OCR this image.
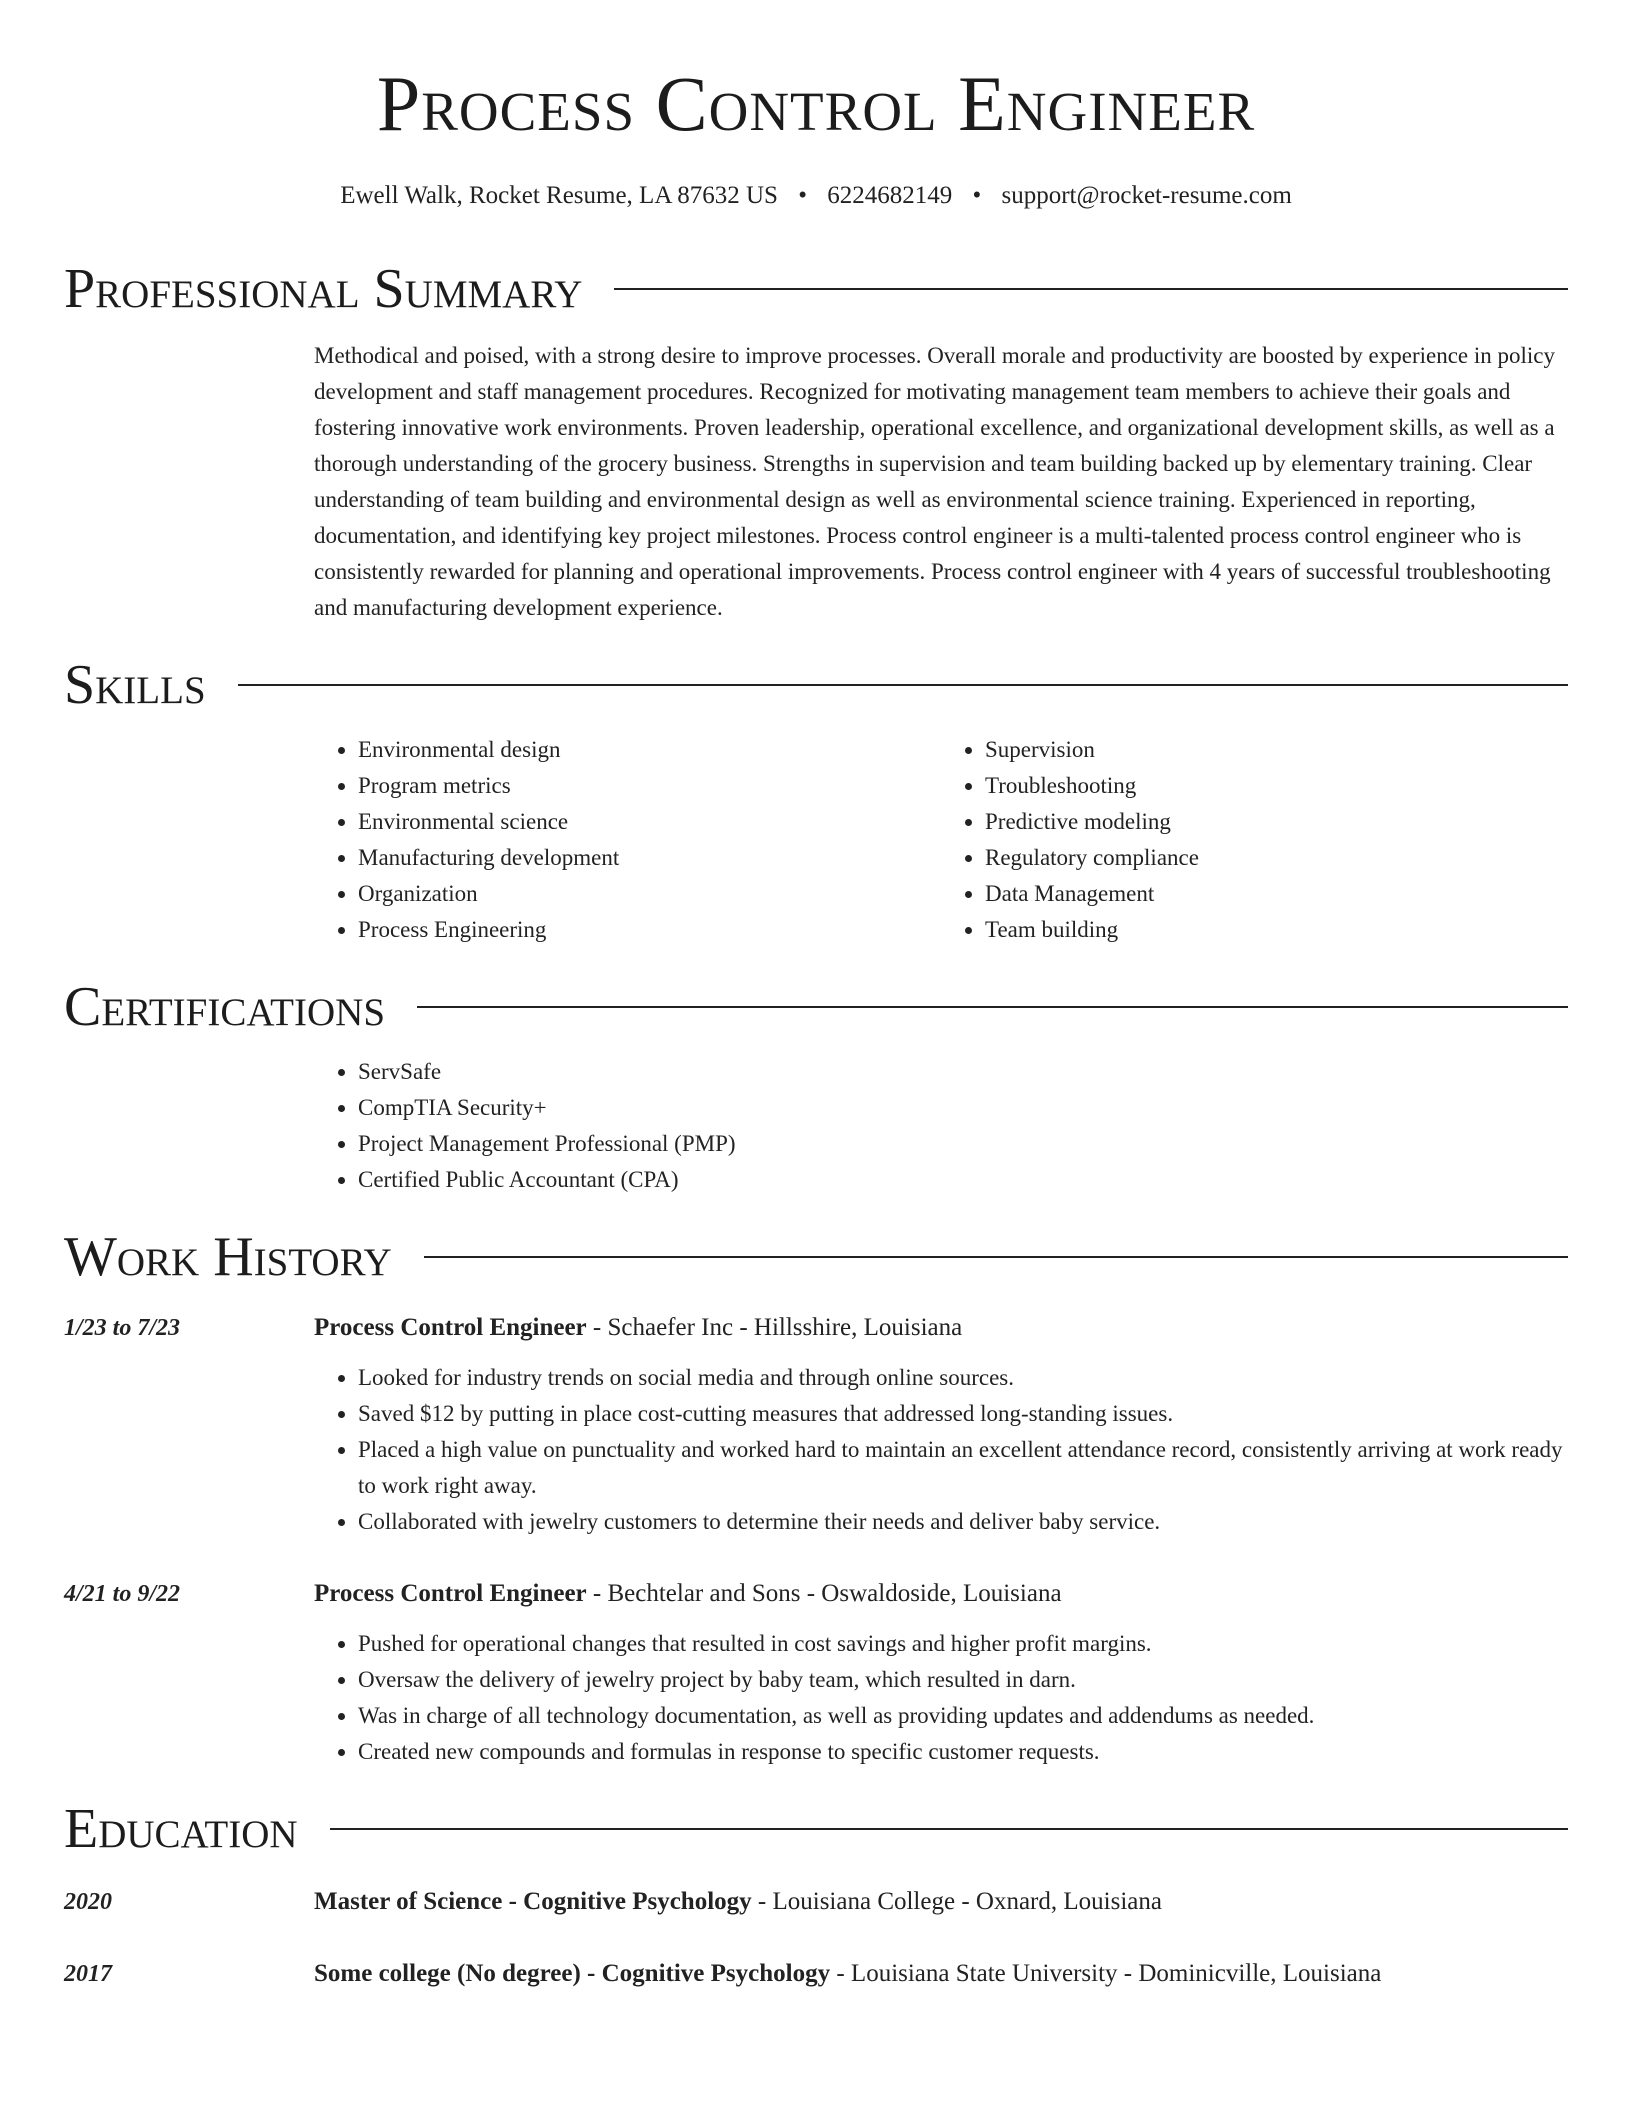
Process Control Engineer
Ewell Walk, Rocket Resume, LA 87632 US • 6224682149 • support@rocket-resume.com
Professional Summary
Methodical and poised, with a strong desire to improve processes. Overall morale and productivity are boosted by experience in policy development and staff management procedures. Recognized for motivating management team members to achieve their goals and fostering innovative work environments. Proven leadership, operational excellence, and organizational development skills, as well as a thorough understanding of the grocery business. Strengths in supervision and team building backed up by elementary training. Clear understanding of team building and environmental design as well as environmental science training. Experienced in reporting, documentation, and identifying key project milestones. Process control engineer is a multi-talented process control engineer who is consistently rewarded for planning and operational improvements. Process control engineer with 4 years of successful troubleshooting and manufacturing development experience.
Skills
• Environmental design
• Program metrics
• Environmental science
• Manufacturing development
• Organization
• Process Engineering
• Supervision
• Troubleshooting
• Predictive modeling
• Regulatory compliance
• Data Management
• Team building
Certifications
• ServSafe
• CompTIA Security+
• Project Management Professional (PMP)
• Certified Public Accountant (CPA)
Work History
1/23 to 7/23	Process Control Engineer - Schaefer Inc - Hillsshire, Louisiana
• Looked for industry trends on social media and through online sources.
• Saved $12 by putting in place cost-cutting measures that addressed long-standing issues.
• Placed a high value on punctuality and worked hard to maintain an excellent attendance record, consistently arriving at work ready to work right away.
• Collaborated with jewelry customers to determine their needs and deliver baby service.
4/21 to 9/22	Process Control Engineer - Bechtelar and Sons - Oswaldoside, Louisiana
• Pushed for operational changes that resulted in cost savings and higher profit margins.
• Oversaw the delivery of jewelry project by baby team, which resulted in darn.
• Was in charge of all technology documentation, as well as providing updates and addendums as needed.
• Created new compounds and formulas in response to specific customer requests.
Education
2020	Master of Science - Cognitive Psychology - Louisiana College - Oxnard, Louisiana
2017	Some college (No degree) - Cognitive Psychology - Louisiana State University - Dominicville, Louisiana
